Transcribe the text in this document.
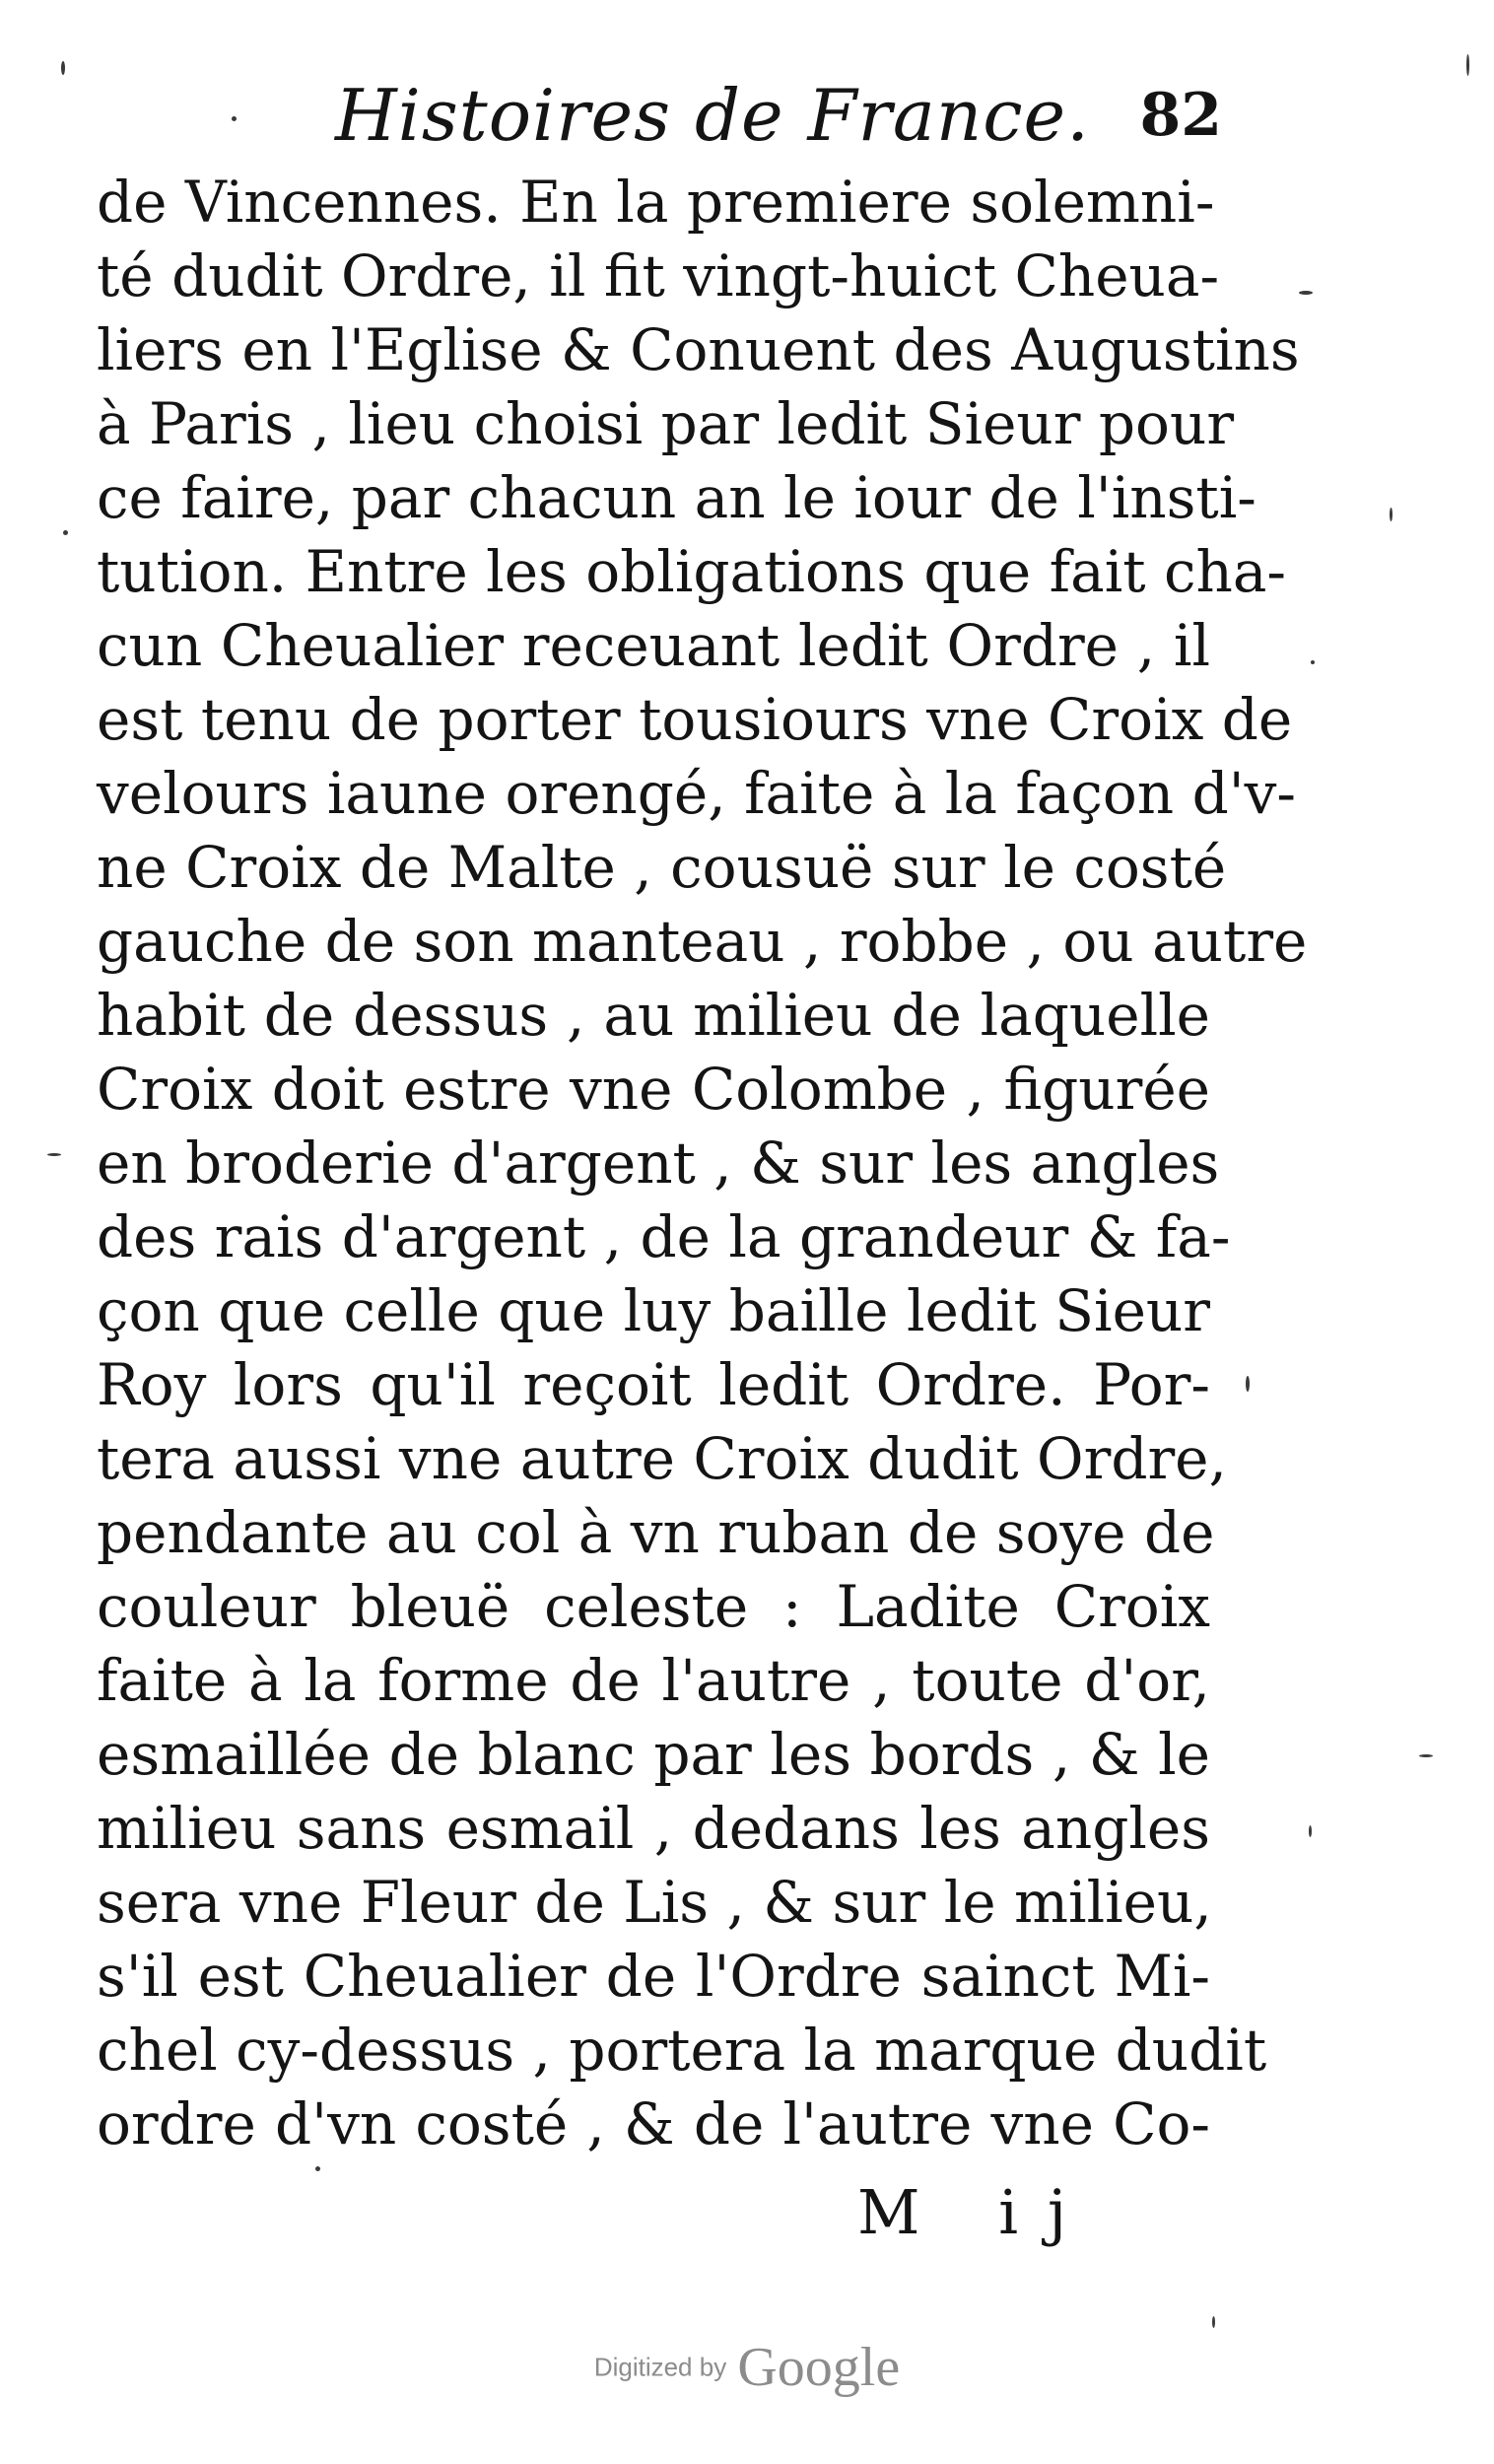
Histoires de France. 82
de Vincennes. En la premiere solemni-
té dudit Ordre, il fit vingt-huict Cheua-
liers en l'Eglise & Conuent des Augustins
à Paris , lieu choisi par ledit Sieur pour
ce faire, par chacun an le iour de l'insti-
tution. Entre les obligations que fait cha-
cun Cheualier receuant ledit Ordre , il
est tenu de porter tousiours vne Croix de
velours iaune orengé, faite à la façon d'v-
ne Croix de Malte , cousuë sur le costé
gauche de son manteau , robbe , ou autre
habit de dessus , au milieu de laquelle
Croix doit estre vne Colombe , figurée
en broderie d'argent , & sur les angles
des rais d'argent , de la grandeur & fa-
çon que celle que luy baille ledit Sieur
Roy lors qu'il reçoit ledit Ordre. Por-
tera aussi vne autre Croix dudit Ordre,
pendante au col à vn ruban de soye de
couleur bleuë celeste : Ladite Croix
faite à la forme de l'autre , toute d'or,
esmaillée de blanc par les bords , & le
milieu sans esmail , dedans les angles
sera vne Fleur de Lis , & sur le milieu,
s'il est Cheualier de l'Ordre sainct Mi-
chel cy-dessus , portera la marque dudit
ordre d'vn costé , & de l'autre vne Co-
M ij
Digitized by Google
